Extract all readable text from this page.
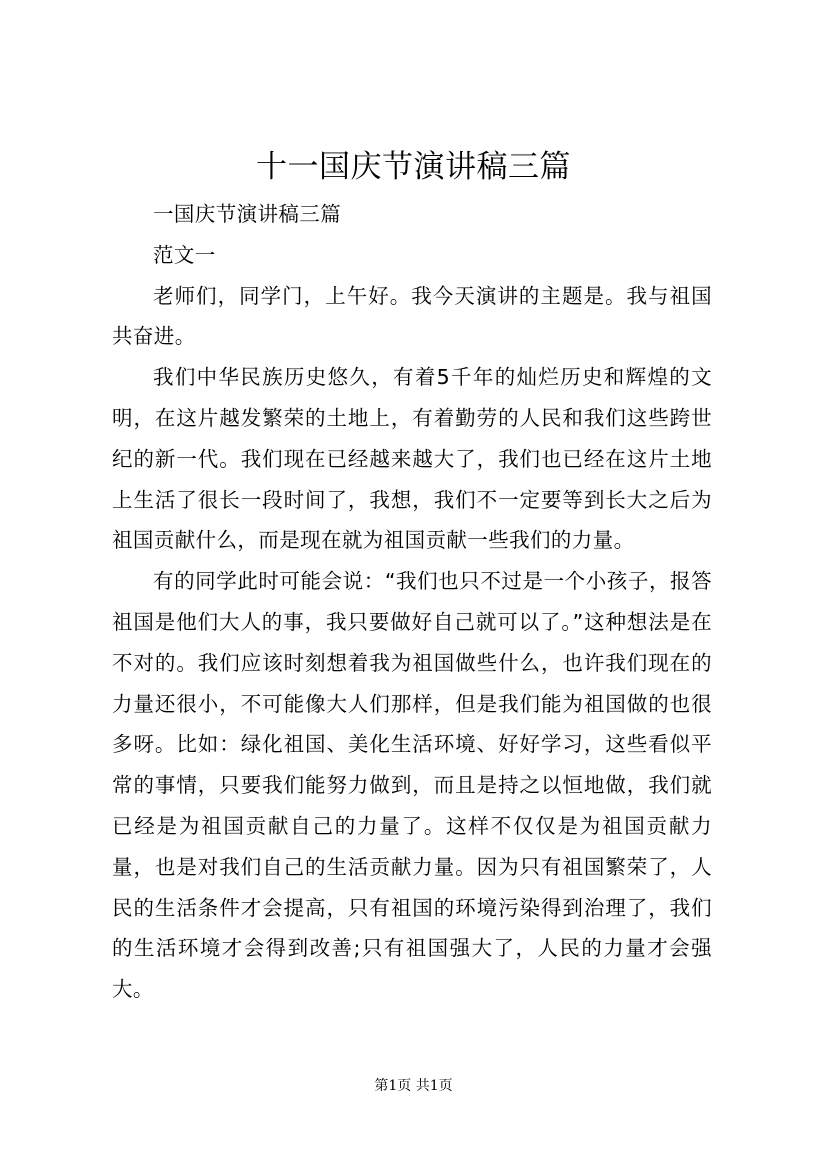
十一国庆节演讲稿三篇

一国庆节演讲稿三篇

范文一

老师们，同学门，上午好。我今天演讲的主题是。我与祖国共奋进。

我们中华民族历史悠久，有着5千年的灿烂历史和辉煌的文明，在这片越发繁荣的土地上，有着勤劳的人民和我们这些跨世纪的新一代。我们现在已经越来越大了，我们也已经在这片土地上生活了很长一段时间了，我想，我们不一定要等到长大之后为祖国贡献什么，而是现在就为祖国贡献一些我们的力量。

有的同学此时可能会说：“我们也只不过是一个小孩子，报答祖国是他们大人的事，我只要做好自己就可以了。”这种想法是在不对的。我们应该时刻想着我为祖国做些什么，也许我们现在的力量还很小，不可能像大人们那样，但是我们能为祖国做的也很多呀。比如：绿化祖国、美化生活环境、好好学习，这些看似平常的事情，只要我们能努力做到，而且是持之以恒地做，我们就已经是为祖国贡献自己的力量了。这样不仅仅是为祖国贡献力量，也是对我们自己的生活贡献力量。因为只有祖国繁荣了，人民的生活条件才会提高，只有祖国的环境污染得到治理了，我们的生活环境才会得到改善;只有祖国强大了，人民的力量才会强大。

第1页 共1页
